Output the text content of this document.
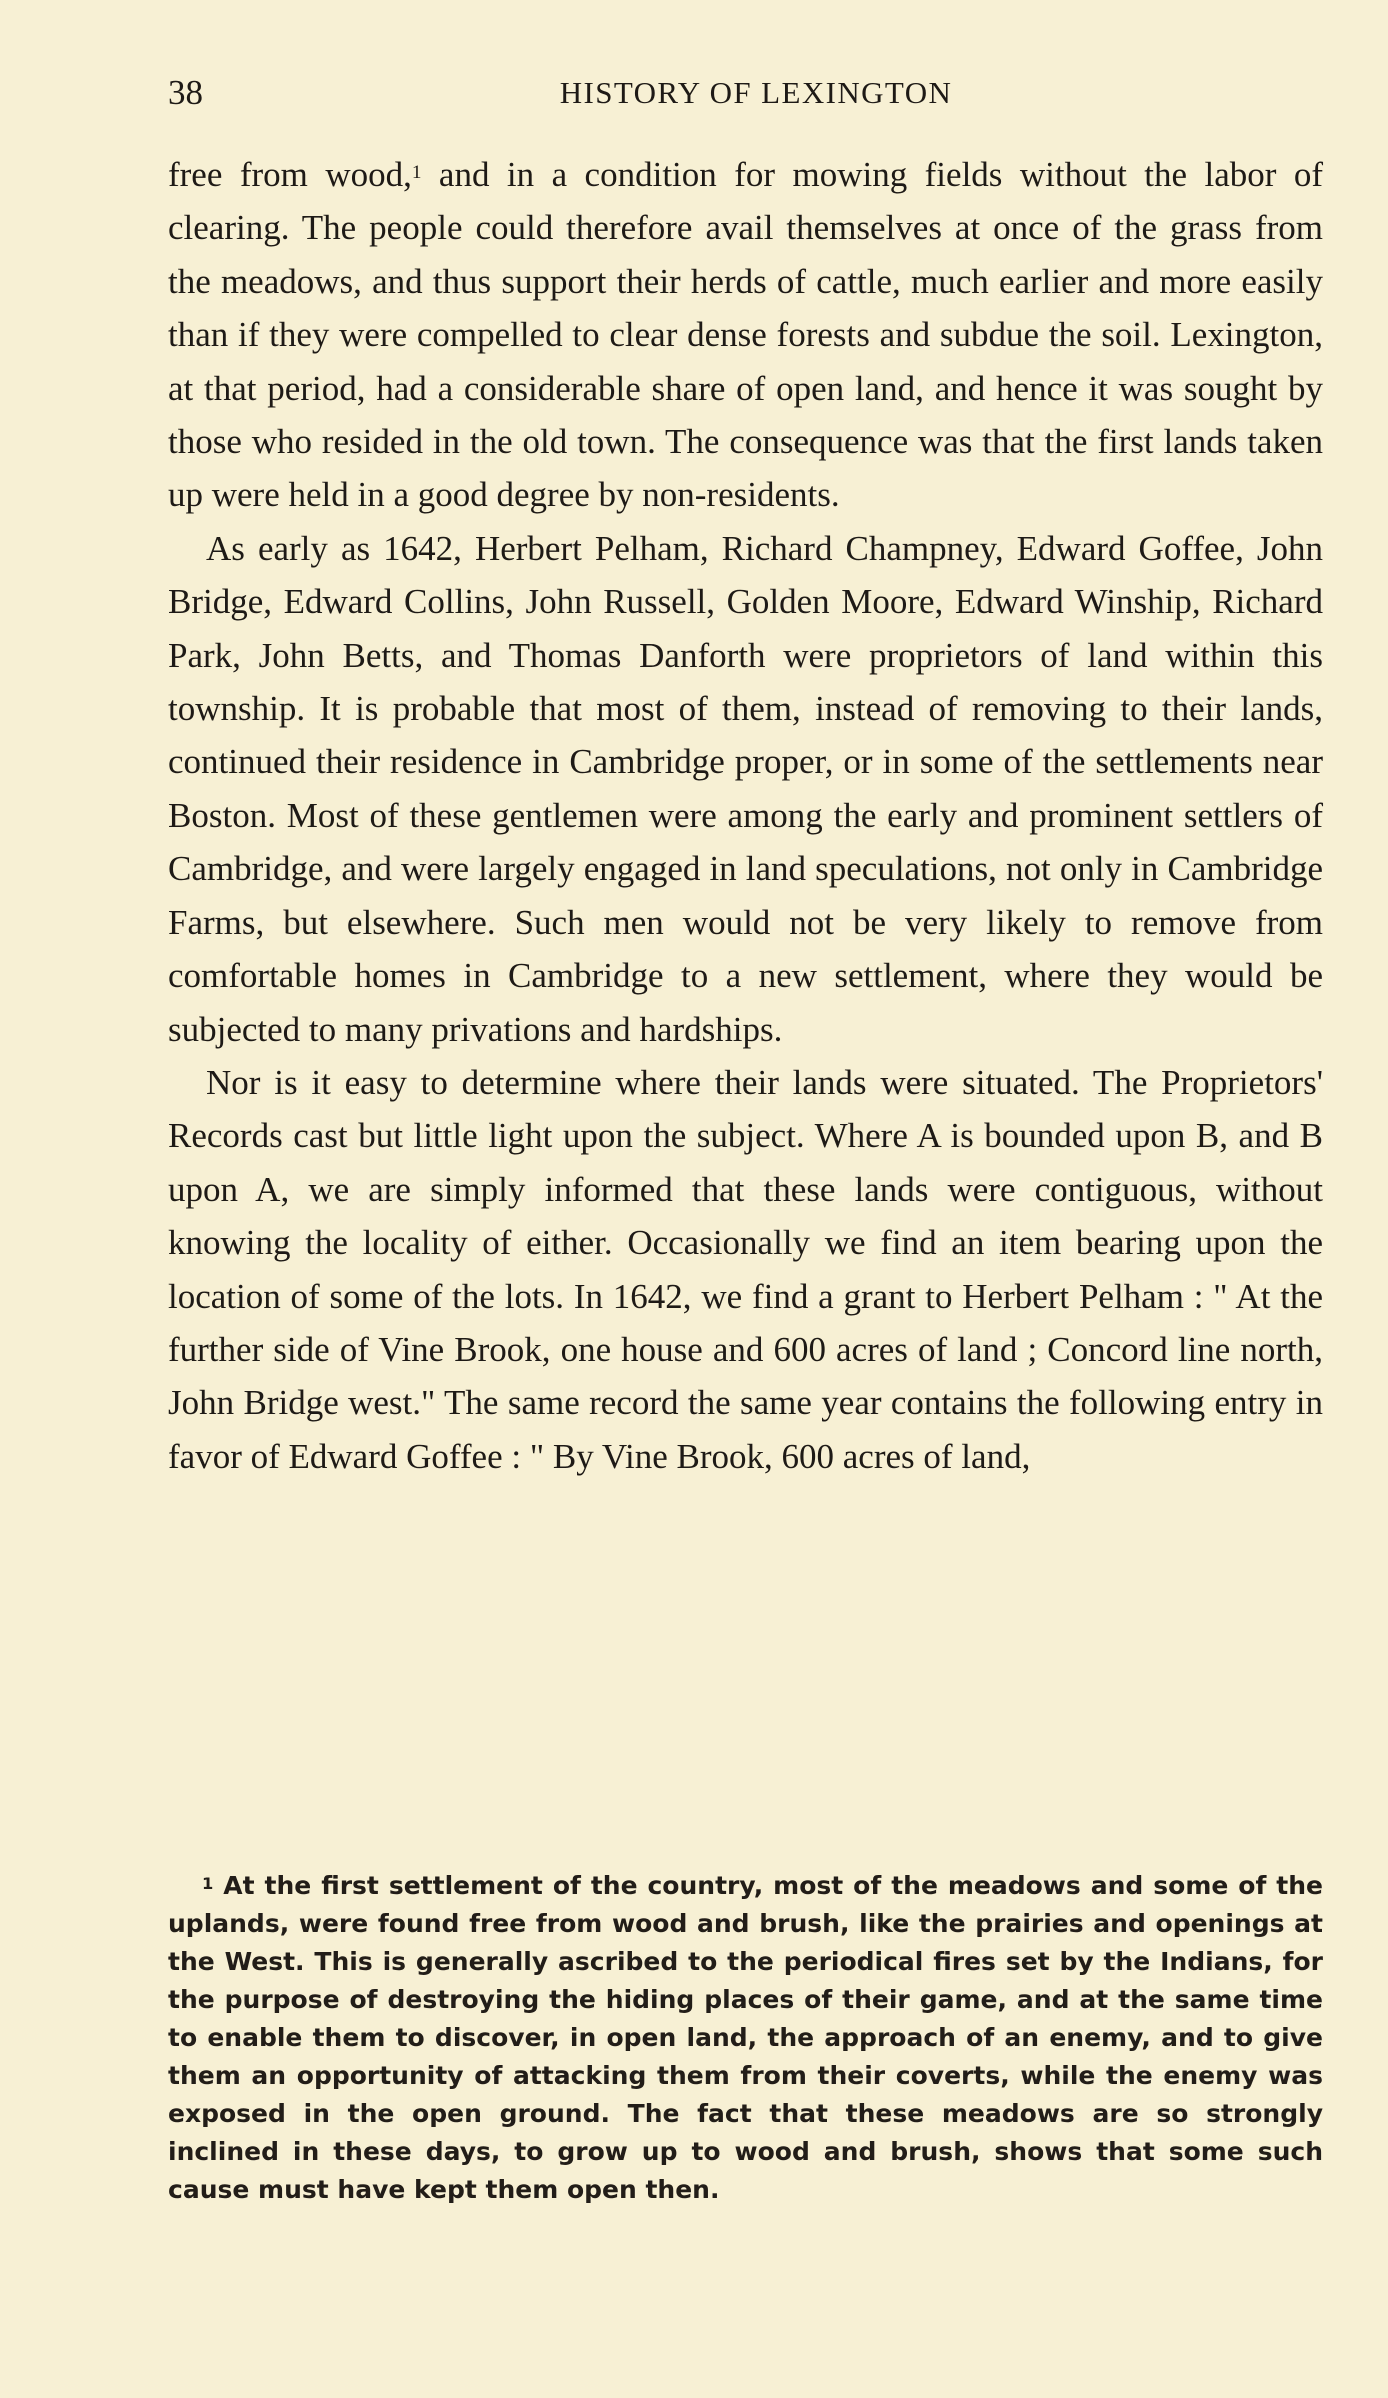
38	HISTORY OF LEXINGTON

free from wood,$^1$ and in a condition for mowing fields without the labor of clearing. The people could therefore avail themselves at once of the grass from the meadows, and thus support their herds of cattle, much earlier and more easily than if they were compelled to clear dense forests and subdue the soil. Lexington, at that period, had a considerable share of open land, and hence it was sought by those who resided in the old town. The consequence was that the first lands taken up were held in a good degree by non-residents.

As early as 1642, Herbert Pelham, Richard Champney, Edward Goffee, John Bridge, Edward Collins, John Russell, Golden Moore, Edward Winship, Richard Park, John Betts, and Thomas Danforth were proprietors of land within this township. It is probable that most of them, instead of removing to their lands, continued their residence in Cambridge proper, or in some of the settlements near Boston. Most of these gentlemen were among the early and prominent settlers of Cambridge, and were largely engaged in land speculations, not only in Cambridge Farms, but elsewhere. Such men would not be very likely to remove from comfortable homes in Cambridge to a new settlement, where they would be subjected to many privations and hardships.

Nor is it easy to determine where their lands were situated. The Proprietors' Records cast but little light upon the subject. Where A is bounded upon B, and B upon A, we are simply informed that these lands were contiguous, without knowing the locality of either. Occasionally we find an item bearing upon the location of some of the lots. In 1642, we find a grant to Herbert Pelham : " At the further side of Vine Brook, one house and 600 acres of land ; Concord line north, John Bridge west." The same record the same year contains the following entry in favor of Edward Goffee : " By Vine Brook, 600 acres of land,

$^1$ At the first settlement of the country, most of the meadows and some of the uplands, were found free from wood and brush, like the prairies and openings at the West. This is generally ascribed to the periodical fires set by the Indians, for the purpose of destroying the hiding places of their game, and at the same time to enable them to discover, in open land, the approach of an enemy, and to give them an opportunity of attacking them from their coverts, while the enemy was exposed in the open ground. The fact that these meadows are so strongly inclined in these days, to grow up to wood and brush, shows that some such cause must have kept them open then.
